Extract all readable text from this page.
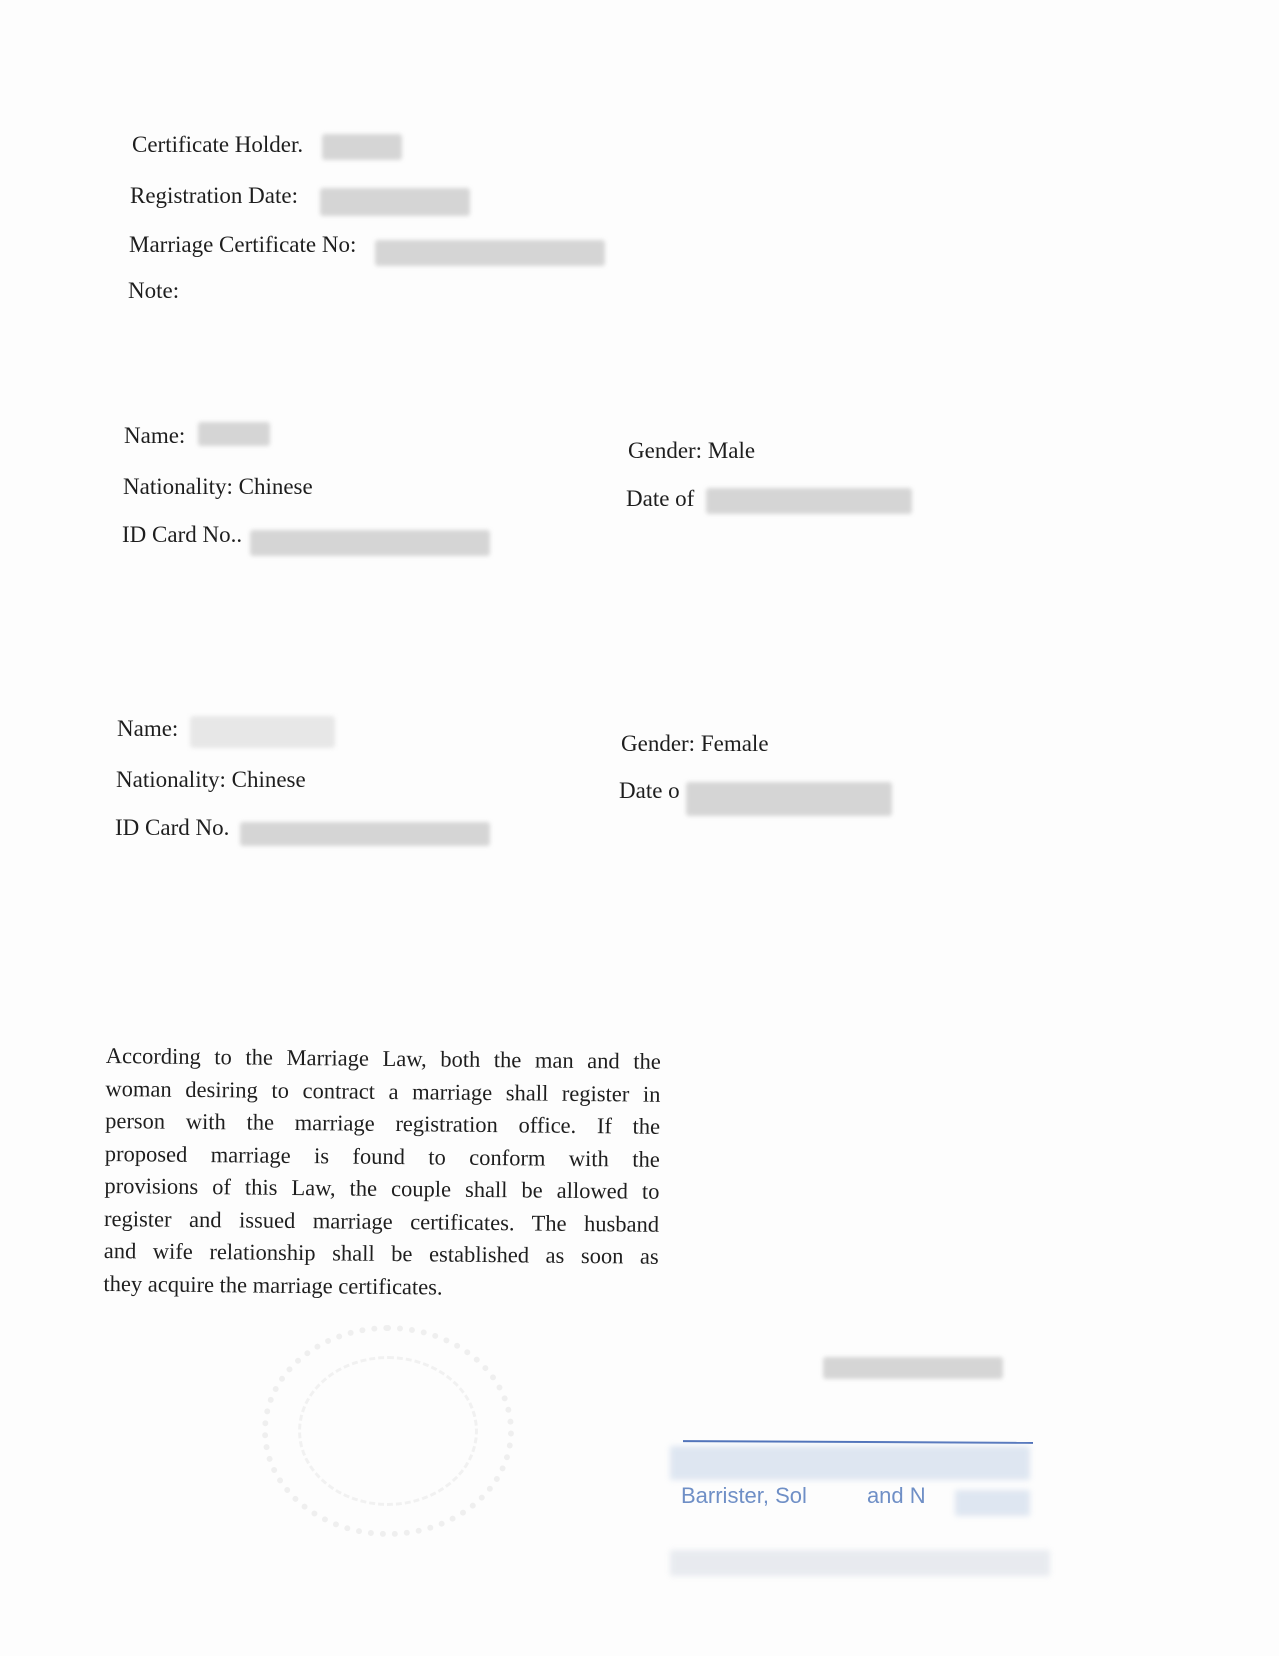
Certificate Holder.
Registration Date:
Marriage Certificate No:
Note:
Name:
Nationality: Chinese
ID Card No..
Gender: Male
Date of
Name:
Nationality: Chinese
ID Card No.
Gender: Female
Date o
According to the Marriage Law, both the man and the
woman desiring to contract a marriage shall register in
person with the marriage registration office. If the
proposed marriage is found to conform with the
provisions of this Law, the couple shall be allowed to
register and issued marriage certificates. The husband
and wife relationship shall be established as soon as
they acquire the marriage certificates.
Barrister, Sol	and N
